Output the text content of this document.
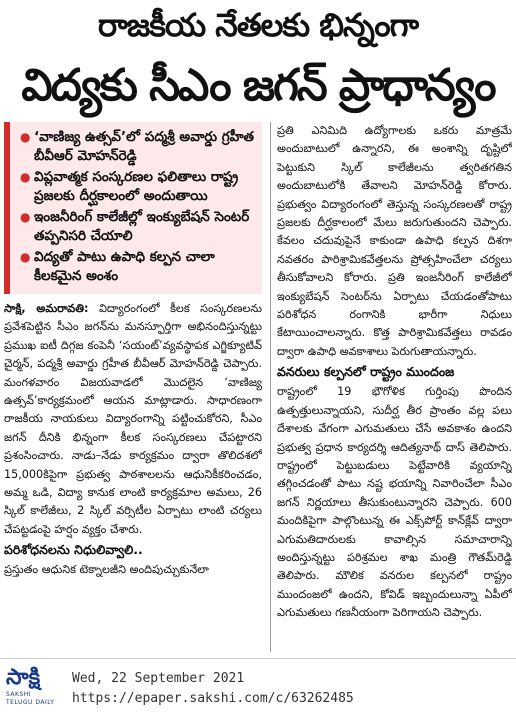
రాజకీయ నేతలకు భిన్నంగా
విద్యకు సీఎం జగన్ ప్రాధాన్యం
● ‘వాణిజ్య ఉత్సవ్’లో పద్మశ్రీ అవార్డు గ్రహీత బీవీఆర్ మోహన్‌రెడ్డి
● విప్లవాత్మక సంస్కరణల ఫలితాలు రాష్ట్ర ప్రజలకు దీర్ఘకాలంలో అందుతాయి
● ఇంజనీరింగ్ కాలేజీల్లో ఇంక్యుబేషన్ సెంటర్ తప్పనిసరి చేయాలి
● విద్యతో పాటు ఉపాధి కల్పన చాలా కీలకమైన అంశం

సాక్షి, అమరావతి: విద్యారంగంలో కీలక సంస్కరణలను ప్రవేశపెట్టిన సీఎం జగన్‌ను మనస్ఫూర్తిగా అభినందిస్తున్నట్టు ప్రముఖ ఐటీ దిగ్గజ కంపెనీ ‘సయంట్’వ్యవస్థాపక ఎగ్జిక్యూటివ్ చైర్మన్, పద్మశ్రీ అవార్డు గ్రహీత బీవీఆర్ మోహన్‌రెడ్డి చెప్పారు. మంగళవారం విజయవాడలో మొదలైన ‘వాణిజ్య ఉత్సవ్’కార్యక్రమంలో ఆయన మాట్లాడారు. సాధారణంగా రాజకీయ నాయకులు విద్యారంగాన్ని పట్టించుకోరని, సీఎం జగన్ దీనికి భిన్నంగా కీలక సంస్కరణలు చేపట్టారని ప్రశంసించారు. నాడు–నేడు కార్యక్రమం ద్వారా తొలిదశలో 15,000కిపైగా ప్రభుత్వ పాఠశాలలను ఆధునికీకరించడం, అమ్మ ఒడి, విద్యా కానుక లాంటి కార్యక్రమాల అమలు, 26 స్కిల్ కాలేజీలు, 2 స్కిల్ వర్సిటీల ఏర్పాటు లాంటి చర్యలు చేపట్టడంపై హర్షం వ్యక్తం చేశారు.

పరిశోధనలను నిధులివ్వాలి..

ప్రస్తుతం ఆధునిక టెక్నాలజీని అందిపుచ్చుకునేలా

ప్రతి ఎనిమిది ఉద్యోగాలకు ఒకరు మాత్రమే అందుబాటులో ఉన్నారని, ఈ అంశాన్ని దృష్టిలో పెట్టుకుని స్కిల్ కాలేజీలను త్వరితగతిన అందుబాటులోకి తేవాలని మోహన్‌రెడ్డి కోరారు. ప్రభుత్వం విద్యారంగంలో తెస్తున్న సంస్కరణలతో రాష్ట్ర ప్రజలకు దీర్ఘకాలంలో మేలు జరుగుతుందని చెప్పారు. కేవలం చదువుపైనే కాకుండా ఉపాధి కల్పన దిశగా నవతరం పారిశ్రామికవేత్తలను ప్రోత్సహించేలా చర్యలు తీసుకోవాలని కోరారు. ప్రతి ఇంజనీరింగ్ కాలేజీలో ఇంక్యుబేషన్ సెంటర్‌ను ఏర్పాటు చేయడంతోపాటు పరిశోధన రంగానికి భారీగా నిధులు కేటాయించాలన్నారు. కొత్త పారిశ్రామికవేత్తలు రావడం ద్వారా ఉపాధి అవకాశాలు పెరుగుతాయన్నారు.

వనరులు కల్పనలో రాష్ట్రం ముందంజ

రాష్ట్రంలో 19 భౌగోళిక గుర్తింపు పొందిన ఉత్పత్తులున్నాయని, సుదీర్ఘ తీర ప్రాంతం వల్ల పలు దేశాలకు వేగంగా ఎగుమతులు చేసే అవకాశం ఉందని ప్రభుత్వ ప్రధాన కార్యదర్శి ఆదిత్యనాథ్ దాస్ తెలిపారు. రాష్ట్రంలో పెట్టుబడులు పెట్టేవారికి వ్యయాన్ని తగ్గించడంతో పాటు నష్ట భయాన్ని నివారించేలా సీఎం జగన్ నిర్ణయాలు తీసుకుంటున్నారని చెప్పారు. 600 మందికిపైగా పాల్గొంటున్న ఈ ఎక్స్‌పోర్ట్ కాన్‌క్లేవ్ ద్వారా ఎగుమతిదారులకు కావాల్సిన సమాచారాన్ని అందిస్తున్నట్టు పరిశ్రమల శాఖ మంత్రి గౌతమ్‌రెడ్డి తెలిపారు. మౌలిక వనరుల కల్పనలో రాష్ట్రం ముందంజలో ఉందని, కోవిడ్ ఇబ్బందులున్నా ఏపీలో ఎగుమతులు గణనీయంగా పెరిగాయని చెప్పారు.

సాక్షి
SAKSHI TELUGU DAILY
Wed, 22 September 2021
https://epaper.sakshi.com/c/63262485
